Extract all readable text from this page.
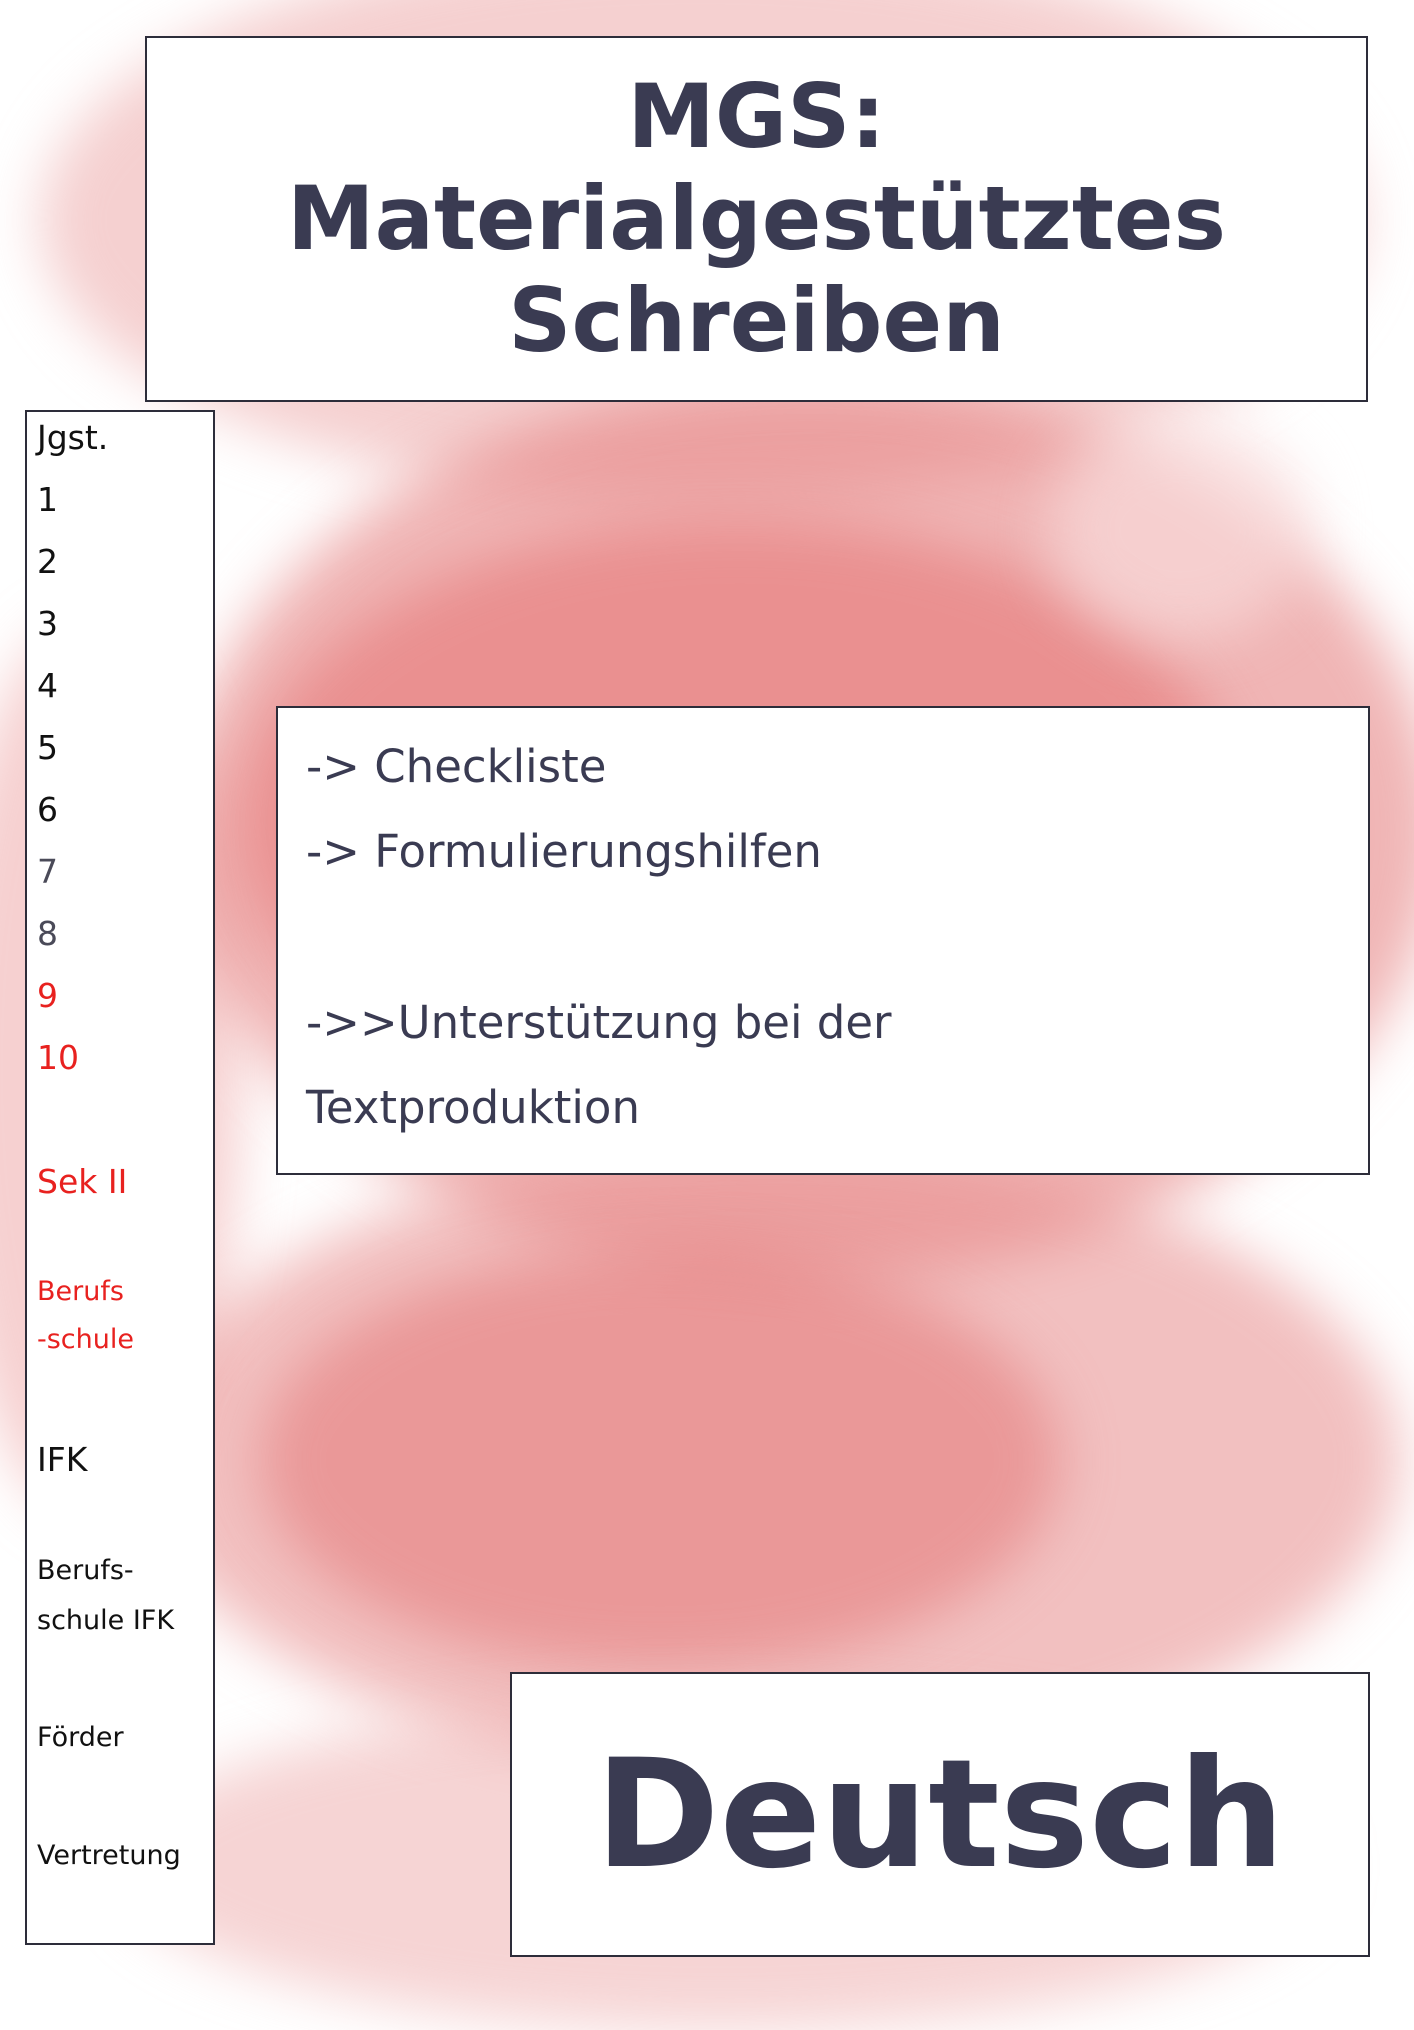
MGS:
Materialgestütztes
Schreiben
Jgst.
1
2
3
4
5
6
7
8
9
10
Sek II
Berufs
-schule
IFK
Berufs-
schule IFK
Förder
Vertretung
-> Checkliste
-> Formulierungshilfen
->>Unterstützung bei der
Textproduktion
Deutsch
